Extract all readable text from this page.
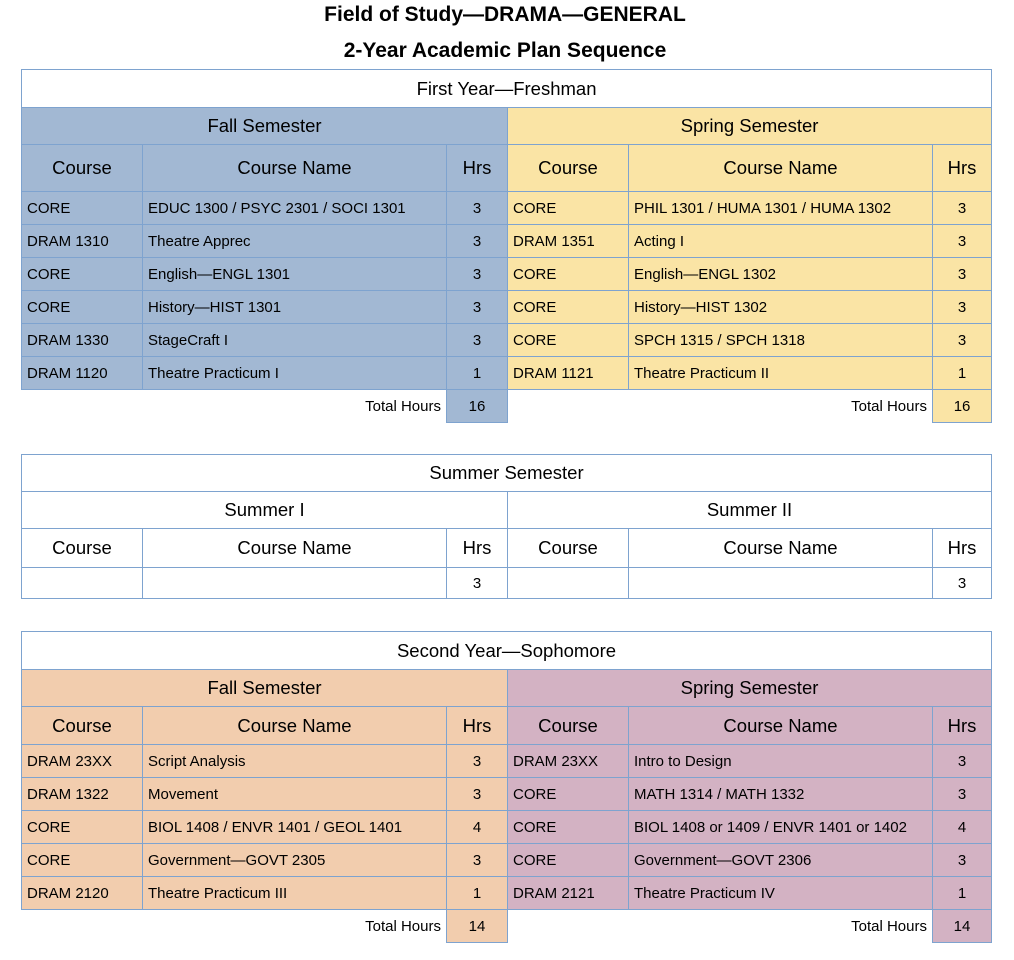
Field of Study—DRAMA—GENERAL
2-Year Academic Plan Sequence
First Year—Freshman					
Fall Semester			Spring Semester		
Course	Course Name	Hrs	Course	Course Name	Hrs
CORE	EDUC 1300 / PSYC 2301 / SOCI 1301	3	CORE	PHIL 1301 / HUMA 1301 / HUMA 1302	3
DRAM 1310	Theatre Apprec	3	DRAM 1351	Acting I	3
CORE	English—ENGL 1301	3	CORE	English—ENGL 1302	3
CORE	History—HIST 1301	3	CORE	History—HIST 1302	3
DRAM 1330	StageCraft I	3	CORE	SPCH 1315 / SPCH 1318	3
DRAM 1120	Theatre Practicum I	1	DRAM 1121	Theatre Practicum II	1
Total Hours		16	Total Hours		16
Summer Semester					
Summer I			Summer II		
Course	Course Name	Hrs	Course	Course Name	Hrs
		3			3
Second Year—Sophomore					
Fall Semester			Spring Semester		
Course	Course Name	Hrs	Course	Course Name	Hrs
DRAM 23XX	Script Analysis	3	DRAM 23XX	Intro to Design	3
DRAM 1322	Movement	3	CORE	MATH 1314 / MATH 1332	3
CORE	BIOL 1408 / ENVR 1401 / GEOL 1401	4	CORE	BIOL 1408 or 1409 / ENVR 1401 or 1402	4
CORE	Government—GOVT 2305	3	CORE	Government—GOVT 2306	3
DRAM 2120	Theatre Practicum III	1	DRAM 2121	Theatre Practicum IV	1
Total Hours		14	Total Hours		14
